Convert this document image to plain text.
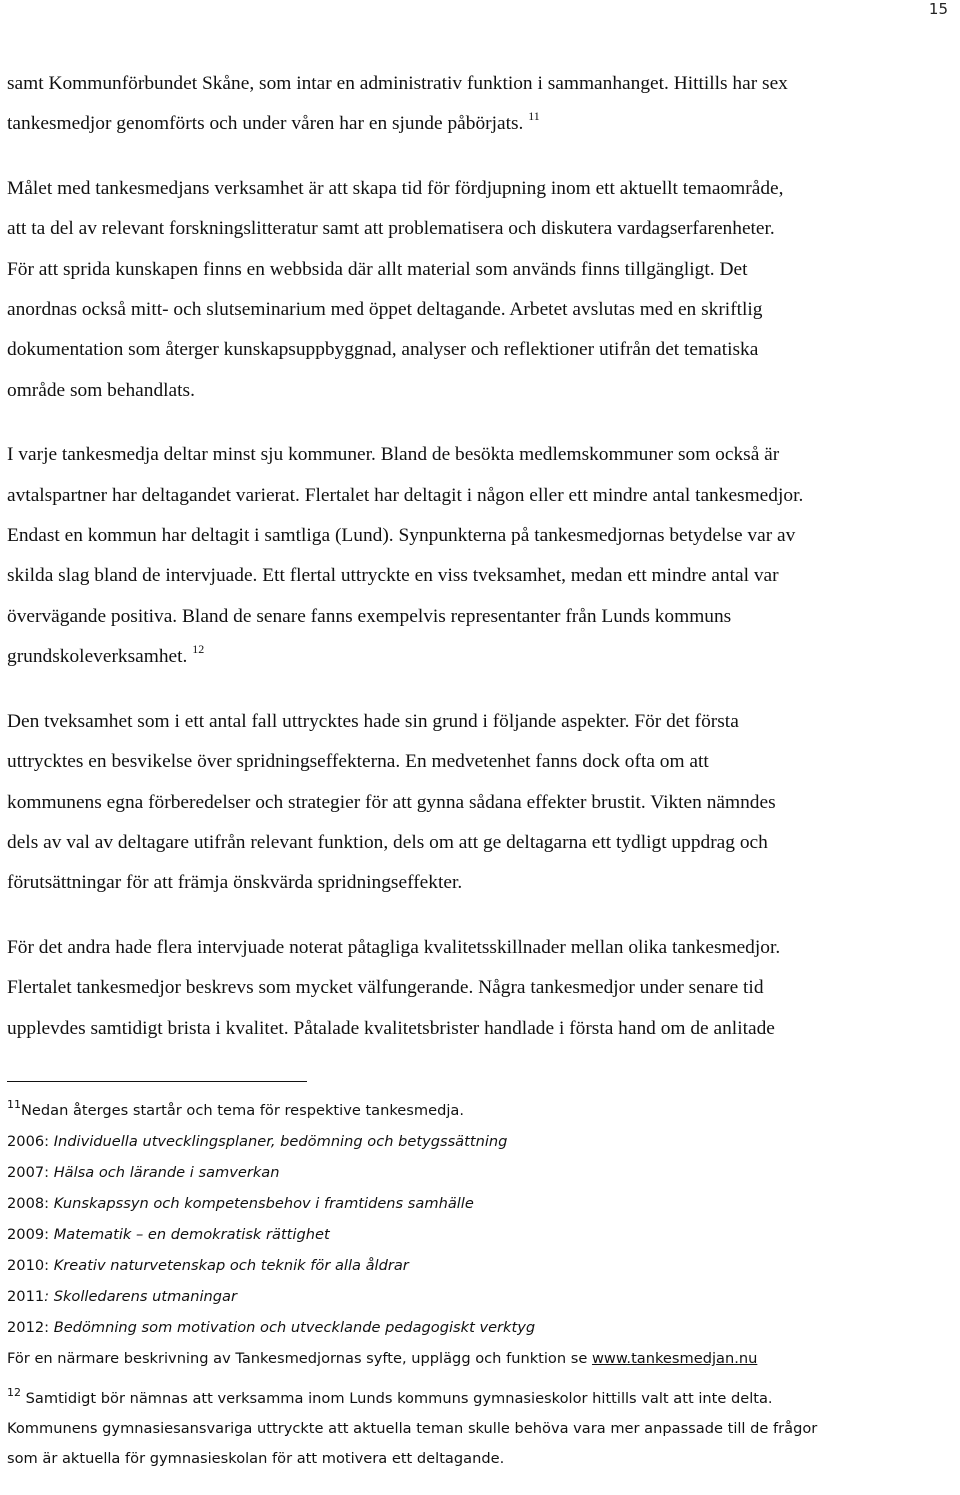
15

samt Kommunförbundet Skåne, som intar en administrativ funktion i sammanhanget. Hittills har sex
tankesmedjor genomförts och under våren har en sjunde påbörjats. $^{11}$

Målet med tankesmedjans verksamhet är att skapa tid för fördjupning inom ett aktuellt temaområde,
att ta del av relevant forskningslitteratur samt att problematisera och diskutera vardagserfarenheter.
För att sprida kunskapen finns en webbsida där allt material som används finns tillgängligt. Det
anordnas också mitt- och slutseminarium med öppet deltagande. Arbetet avslutas med en skriftlig
dokumentation som återger kunskapsuppbyggnad, analyser och reflektioner utifrån det tematiska
område som behandlats.

I varje tankesmedja deltar minst sju kommuner. Bland de besökta medlemskommuner som också är
avtalspartner har deltagandet varierat. Flertalet har deltagit i någon eller ett mindre antal tankesmedjor.
Endast en kommun har deltagit i samtliga (Lund). Synpunkterna på tankesmedjornas betydelse var av
skilda slag bland de intervjuade. Ett flertal uttryckte en viss tveksamhet, medan ett mindre antal var
övervägande positiva. Bland de senare fanns exempelvis representanter från Lunds kommuns
grundskoleverksamhet. $^{12}$

Den tveksamhet som i ett antal fall uttrycktes hade sin grund i följande aspekter. För det första
uttrycktes en besvikelse över spridningseffekterna. En medvetenhet fanns dock ofta om att
kommunens egna förberedelser och strategier för att gynna sådana effekter brustit. Vikten nämndes
dels av val av deltagare utifrån relevant funktion, dels om att ge deltagarna ett tydligt uppdrag och
förutsättningar för att främja önskvärda spridningseffekter.

För det andra hade flera intervjuade noterat påtagliga kvalitetsskillnader mellan olika tankesmedjor.
Flertalet tankesmedjor beskrevs som mycket välfungerande. Några tankesmedjor under senare tid
upplevdes samtidigt brista i kvalitet. Påtalade kvalitetsbrister handlade i första hand om de anlitade

$^{11}$Nedan återges startår och tema för respektive tankesmedja.
2006: Individuella utvecklingsplaner, bedömning och betygssättning
2007: Hälsa och lärande i samverkan
2008: Kunskapssyn och kompetensbehov i framtidens samhälle
2009: Matematik – en demokratisk rättighet
2010: Kreativ naturvetenskap och teknik för alla åldrar
2011: Skolledarens utmaningar
2012: Bedömning som motivation och utvecklande pedagogiskt verktyg
För en närmare beskrivning av Tankesmedjornas syfte, upplägg och funktion se www.tankesmedjan.nu
$^{12}$ Samtidigt bör nämnas att verksamma inom Lunds kommuns gymnasieskolor hittills valt att inte delta.
Kommunens gymnasiesansvariga uttryckte att aktuella teman skulle behöva vara mer anpassade till de frågor
som är aktuella för gymnasieskolan för att motivera ett deltagande.
